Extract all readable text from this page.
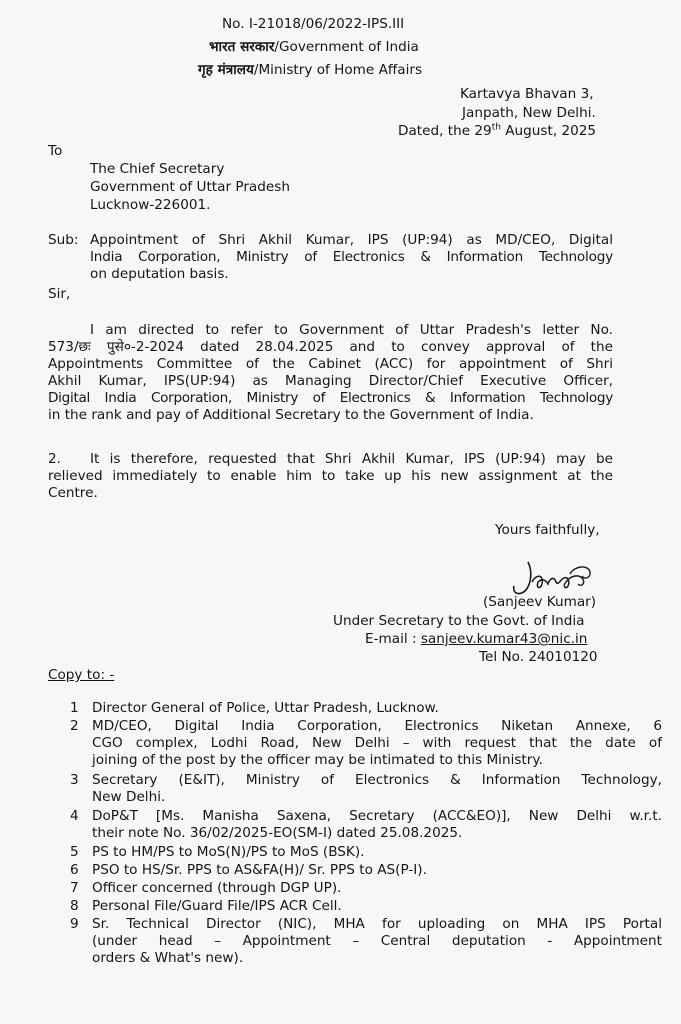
No. I-21018/06/2022-IPS.III
भारत सरकार/Government of India
गृह मंत्रालय/Ministry of Home Affairs
Kartavya Bhavan 3,
Janpath, New Delhi.
Dated, the 29th August, 2025
To
The Chief Secretary
Government of Uttar Pradesh
Lucknow-226001.
Sub: Appointment of Shri Akhil Kumar, IPS (UP:94) as MD/CEO, Digital
India Corporation, Ministry of Electronics & Information Technology
on deputation basis.
Sir,
I am directed to refer to Government of Uttar Pradesh's letter No.
573/छः पुसे०-2-2024 dated 28.04.2025 and to convey approval of the
Appointments Committee of the Cabinet (ACC) for appointment of Shri
Akhil Kumar, IPS(UP:94) as Managing Director/Chief Executive Officer,
Digital India Corporation, Ministry of Electronics & Information Technology
in the rank and pay of Additional Secretary to the Government of India.
2.	It is therefore, requested that Shri Akhil Kumar, IPS (UP:94) may be
relieved immediately to enable him to take up his new assignment at the
Centre.
Yours faithfully,
(Sanjeev Kumar)
Under Secretary to the Govt. of India
E-mail : sanjeev.kumar43@nic.in
Tel No. 24010120
Copy to: -
1 Director General of Police, Uttar Pradesh, Lucknow.
2 MD/CEO, Digital India Corporation, Electronics Niketan Annexe, 6
CGO complex, Lodhi Road, New Delhi – with request that the date of
joining of the post by the officer may be intimated to this Ministry.
3 Secretary (E&IT), Ministry of Electronics & Information Technology,
New Delhi.
4 DoP&T [Ms. Manisha Saxena, Secretary (ACC&EO)], New Delhi w.r.t.
their note No. 36/02/2025-EO(SM-I) dated 25.08.2025.
5 PS to HM/PS to MoS(N)/PS to MoS (BSK).
6 PSO to HS/Sr. PPS to AS&FA(H)/ Sr. PPS to AS(P-I).
7 Officer concerned (through DGP UP).
8 Personal File/Guard File/IPS ACR Cell.
9 Sr. Technical Director (NIC), MHA for uploading on MHA IPS Portal
(under head – Appointment – Central deputation - Appointment
orders & What's new).
